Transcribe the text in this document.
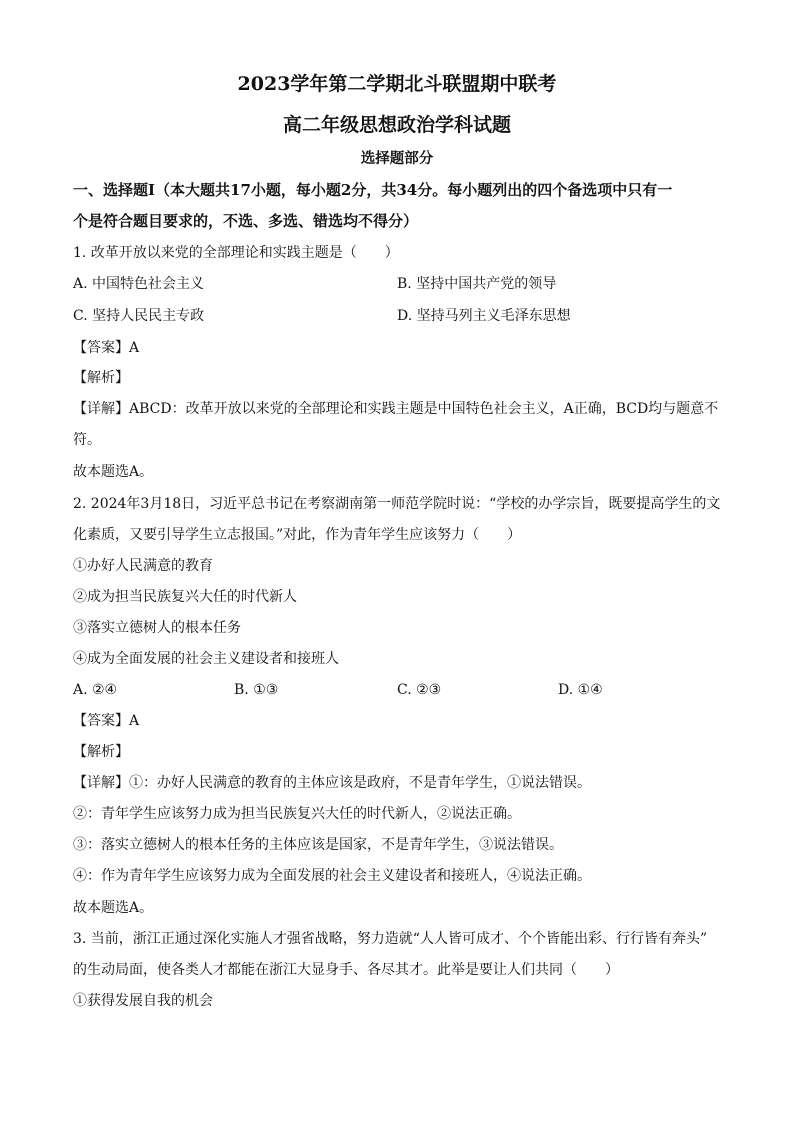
2023学年第二学期北斗联盟期中联考
高二年级思想政治学科试题
选择题部分
一、选择题Ⅰ（本大题共17小题，每小题2分，共34分。每小题列出的四个备选项中只有一
个是符合题目要求的，不选、多选、错选均不得分）
1. 改革开放以来党的全部理论和实践主题是（　　）
A. 中国特色社会主义	B. 坚持中国共产党的领导
C. 坚持人民民主专政	D. 坚持马列主义毛泽东思想
【答案】A
【解析】
【详解】ABCD：改革开放以来党的全部理论和实践主题是中国特色社会主义，A正确，BCD均与题意不
符。
故本题选A。
2. 2024年3月18日，习近平总书记在考察湖南第一师范学院时说：“学校的办学宗旨，既要提高学生的文
化素质，又要引导学生立志报国。”对此，作为青年学生应该努力（　　）
①办好人民满意的教育
②成为担当民族复兴大任的时代新人
③落实立德树人的根本任务
④成为全面发展的社会主义建设者和接班人
A. ②④	B. ①③	C. ②③	D. ①④
【答案】A
【解析】
【详解】①：办好人民满意的教育的主体应该是政府，不是青年学生，①说法错误。
②：青年学生应该努力成为担当民族复兴大任的时代新人，②说法正确。
③：落实立德树人的根本任务的主体应该是国家，不是青年学生，③说法错误。
④：作为青年学生应该努力成为全面发展的社会主义建设者和接班人，④说法正确。
故本题选A。
3. 当前，浙江正通过深化实施人才强省战略，努力造就“人人皆可成才、个个皆能出彩、行行皆有奔头”
的生动局面，使各类人才都能在浙江大显身手、各尽其才。此举是要让人们共同（　　）
①获得发展自我的机会
